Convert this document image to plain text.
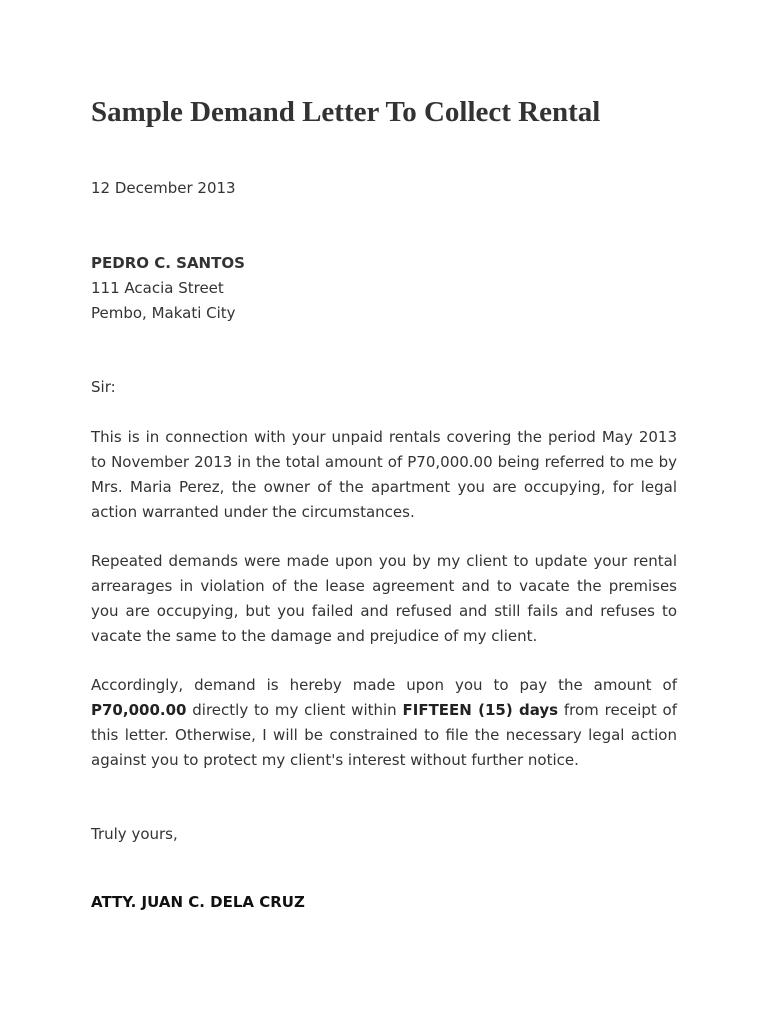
Sample Demand Letter To Collect Rental
12 December 2013
PEDRO C. SANTOS
111 Acacia Street
Pembo, Makati City
Sir:

This is in connection with your unpaid rentals covering the period May 2013 to November 2013 in the total amount of P70,000.00 being referred to me by Mrs. Maria Perez, the owner of the apartment you are occupying, for legal action warranted under the circumstances.

Repeated demands were made upon you by my client to update your rental arrearages in violation of the lease agreement and to vacate the premises you are occupying, but you failed and refused and still fails and refuses to vacate the same to the damage and prejudice of my client.

Accordingly, demand is hereby made upon you to pay the amount of P70,000.00 directly to my client within FIFTEEN (15) days from receipt of this letter. Otherwise, I will be constrained to file the necessary legal action against you to protect my client's interest without further notice.

Truly yours,
ATTY. JUAN C. DELA CRUZ
